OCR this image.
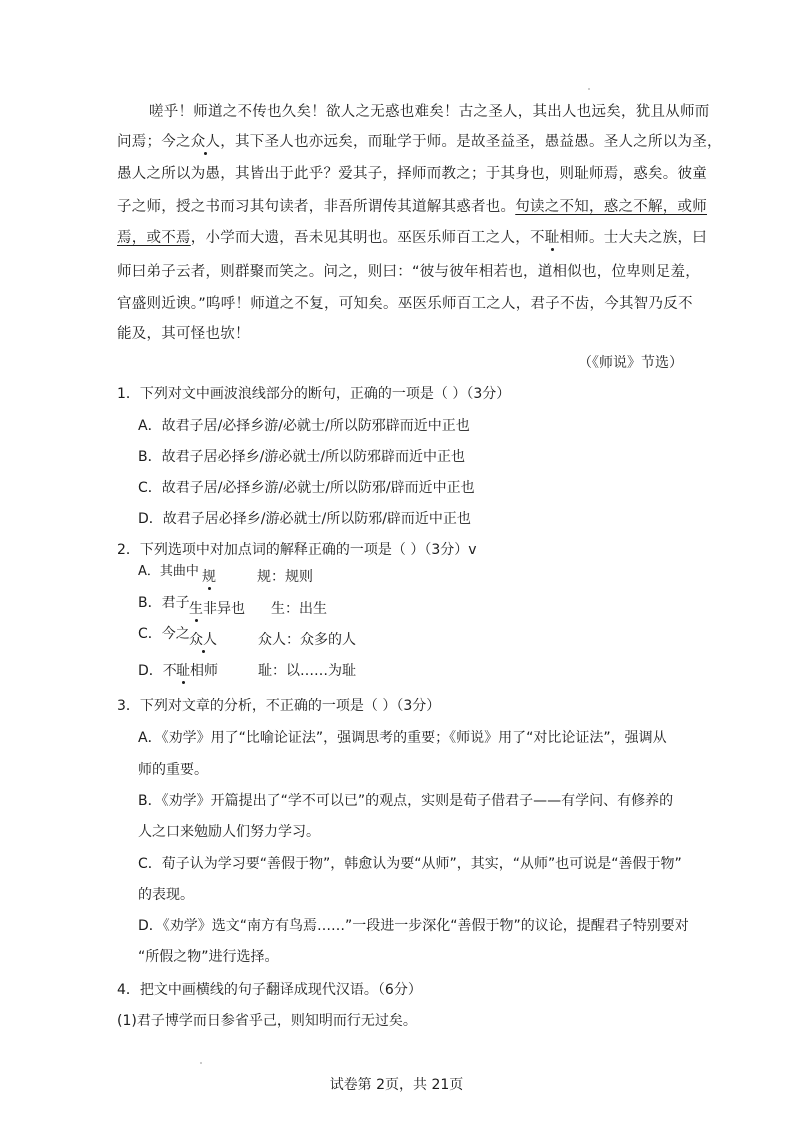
嗟乎！师道之不传也久矣！欲人之无惑也难矣！古之圣人，其出人也远矣，犹且从师而
问焉；今之众人，其下圣人也亦远矣，而耻学于师。是故圣益圣，愚益愚。圣人之所以为圣，
愚人之所以为愚，其皆出于此乎？爱其子，择师而教之；于其身也，则耻师焉，惑矣。彼童
子之师，授之书而习其句读者，非吾所谓传其道解其惑者也。句读之不知，惑之不解，或师
焉，或不焉，小学而大遗，吾未见其明也。巫医乐师百工之人，不耻相师。士大夫之族，曰
师曰弟子云者，则群聚而笑之。问之，则曰：“彼与彼年相若也，道相似也，位卑则足羞，
官盛则近谀。”呜呼！师道之不复，可知矣。巫医乐师百工之人，君子不齿，今其智乃反不
能及，其可怪也欤！
（《师说》节选）
1．下列对文中画波浪线部分的断句，正确的一项是（ ）（3分）
A．故君子居/必择乡游/必就士/所以防邪辟而近中正也
B．故君子居必择乡/游必就士/所以防邪辟而近中正也
C．故君子居/必择乡游/必就士/所以防邪/辟而近中正也
D．故君子居必择乡/游必就士/所以防邪/辟而近中正也
2．下列选项中对加点词的解释正确的一项是（ ）（3分）v
A．其曲中 规	规：规则
B．君子 生非异也 生：出生
C．今之 众人	众人：众多的人
D．不 耻相师	耻：以……为耻
3．下列对文章的分析，不正确的一项是（ ）（3分）
A．《劝学》用了“比喻论证法”，强调思考的重要；《师说》用了“对比论证法”，强调从
师的重要。
B．《劝学》开篇提出了“学不可以已”的观点，实则是荀子借君子——有学问、有修养的
人之口来勉励人们努力学习。
C．荀子认为学习要“善假于物”，韩愈认为要“从师”，其实，“从师”也可说是“善假于物”
的表现。
D．《劝学》选文“南方有鸟焉……”一段进一步深化“善假于物”的议论，提醒君子特别要对
“所假之物”进行选择。
4．把文中画横线的句子翻译成现代汉语。（6分）
(1)君子博学而日参省乎己，则知明而行无过矣。
试卷第 2页，共 21页
